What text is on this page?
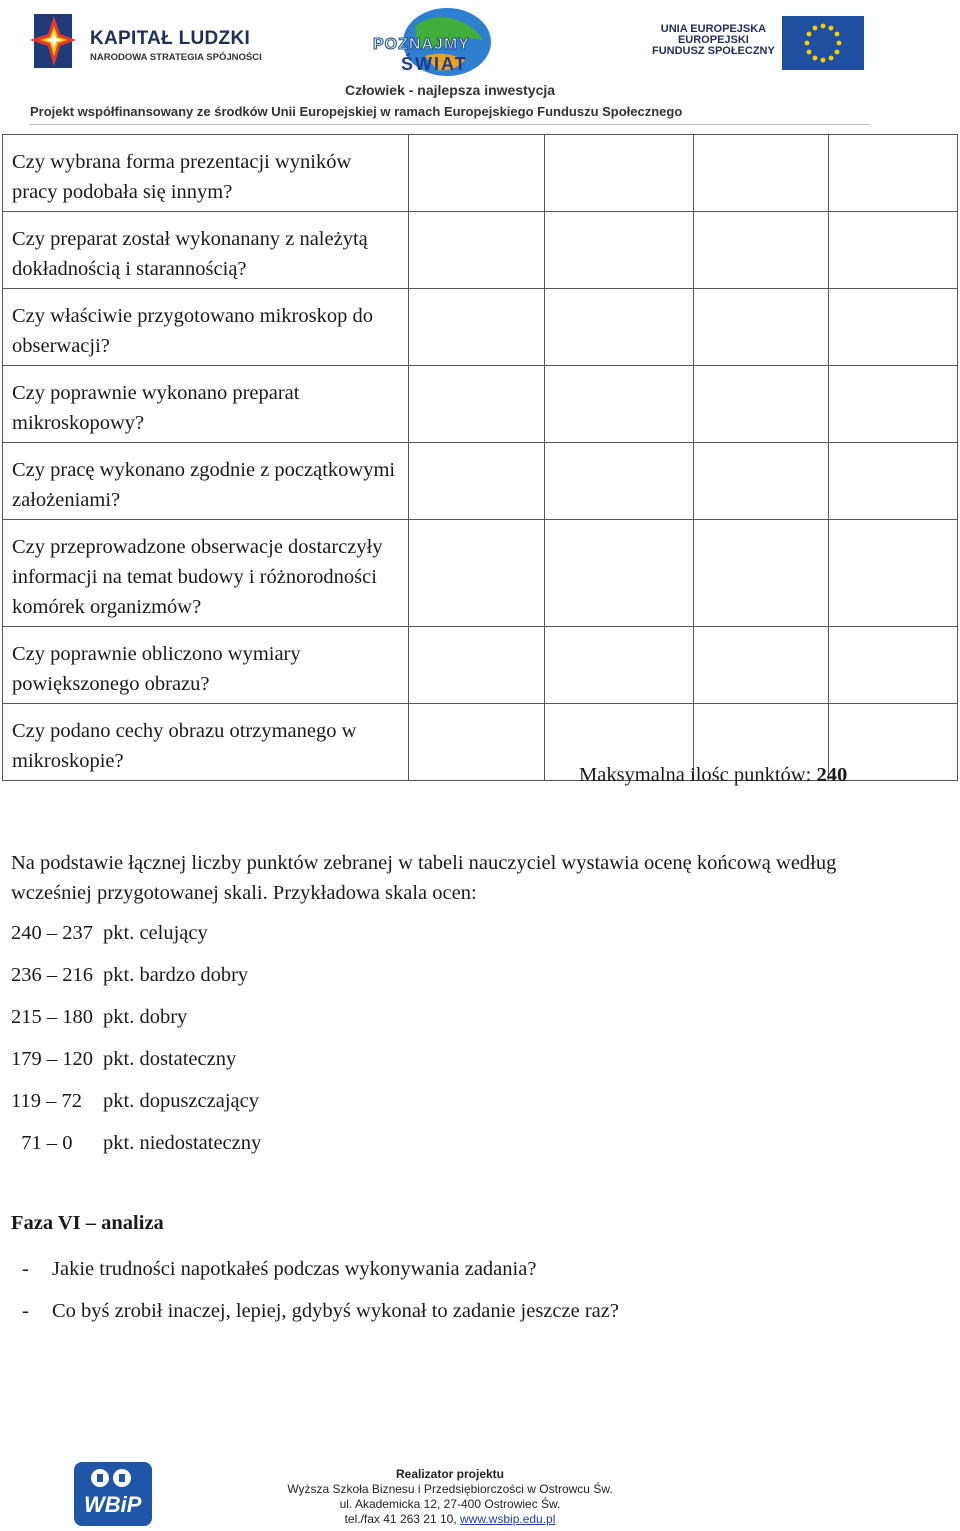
KAPITAŁ LUDZKI
NARODOWA STRATEGIA SPÓJNOŚCI
POZNAJMY
ŚWIAT
UNIA EUROPEJSKA
EUROPEJSKI
FUNDUSZ SPOŁECZNY
Człowiek - najlepsza inwestycja
Projekt współfinansowany ze środków Unii Europejskiej w ramach Europejskiego Funduszu Społecznego
Czy wybrana forma prezentacji wyników pracy podobała się innym?				
Czy preparat został wykonanany z należytą dokładnością i starannością?				
Czy właściwie przygotowano mikroskop do obserwacji?				
Czy poprawnie wykonano preparat mikroskopowy?				
Czy pracę wykonano zgodnie z początkowymi założeniami?				
Czy przeprowadzone obserwacje dostarczyły informacji na temat budowy i różnorodności komórek organizmów?				
Czy poprawnie obliczono wymiary powiększonego obrazu?				
Czy podano cechy obrazu otrzymanego w mikroskopie?				
Maksymalna ilośc punktów: 240
Na podstawie łącznej liczby punktów zebranej w tabeli nauczyciel wystawia ocenę końcową według wcześniej przygotowanej skali. Przykładowa skala ocen:
240 – 237 pkt. celujący
236 – 216 pkt. bardzo dobry
215 – 180 pkt. dobry
179 – 120 pkt. dostateczny
119 – 72	pkt. dopuszczający
71 – 0	pkt. niedostateczny
Faza VI – analiza
-	Jakie trudności napotkałeś podczas wykonywania zadania?
-	Co byś zrobił inaczej, lepiej, gdybyś wykonał to zadanie jeszcze raz?
WBiP
Realizator projektu
Wyższa Szkoła Biznesu i Przedsiębiorczości w Ostrowcu Św.
ul. Akademicka 12, 27-400 Ostrowiec Św.
tel./fax 41 263 21 10, www.wsbip.edu.pl
